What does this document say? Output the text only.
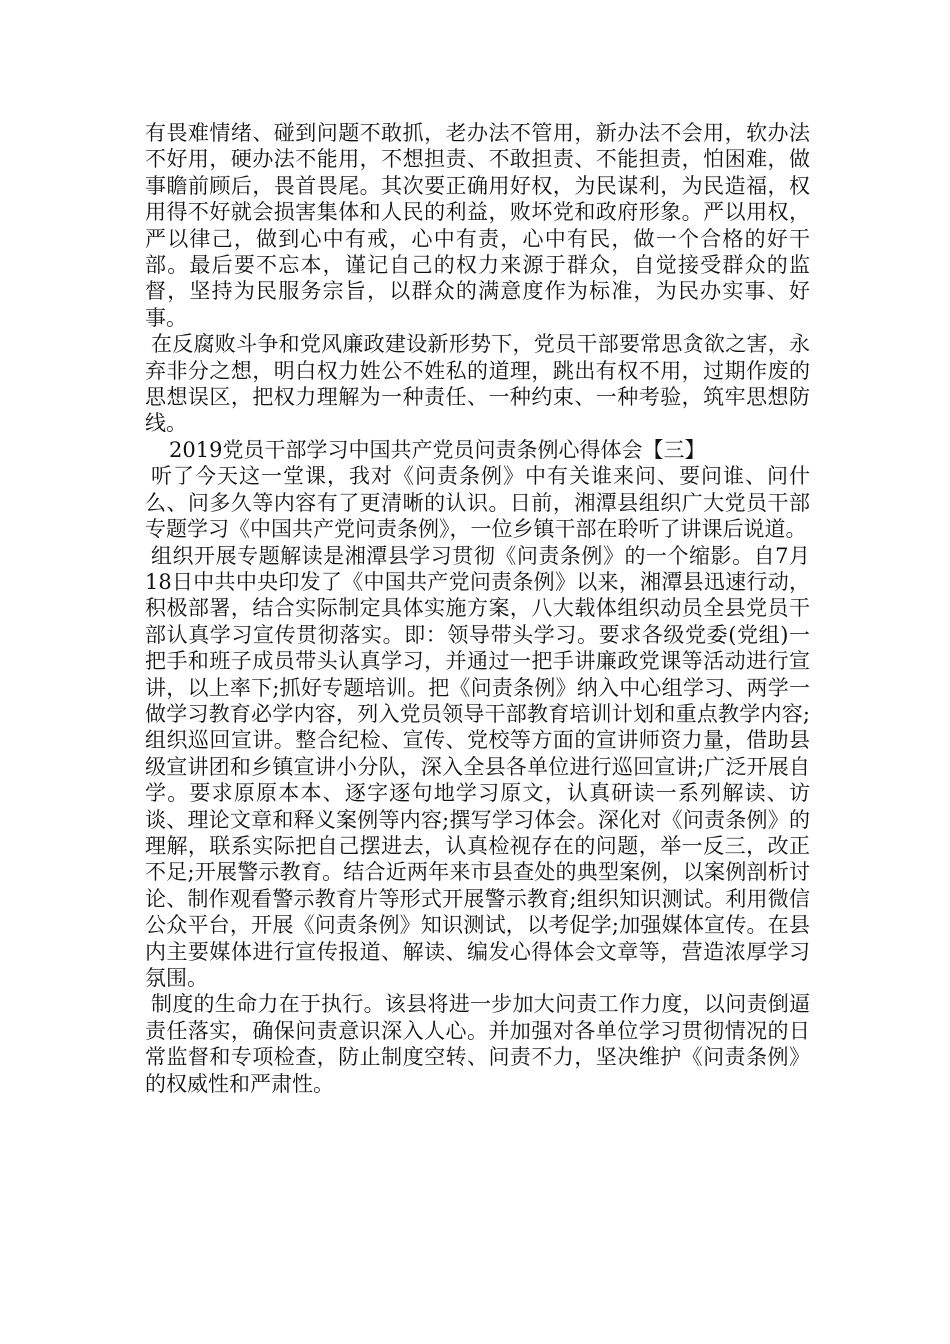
有畏难情绪、碰到问题不敢抓，老办法不管用，新办法不会用，软办法不好用，硬办法不能用，不想担责、不敢担责、不能担责，怕困难，做事瞻前顾后，畏首畏尾。其次要正确用好权，为民谋利，为民造福，权用得不好就会损害集体和人民的利益，败坏党和政府形象。严以用权，严以律己，做到心中有戒，心中有责，心中有民，做一个合格的好干部。最后要不忘本，谨记自己的权力来源于群众，自觉接受群众的监督，坚持为民服务宗旨，以群众的满意度作为标准，为民办实事、好事。

在反腐败斗争和党风廉政建设新形势下，党员干部要常思贪欲之害，永弃非分之想，明白权力姓公不姓私的道理，跳出有权不用，过期作废的思想误区，把权力理解为一种责任、一种约束、一种考验，筑牢思想防线。

2019党员干部学习中国共产党员问责条例心得体会【三】

听了今天这一堂课，我对《问责条例》中有关谁来问、要问谁、问什么、问多久等内容有了更清晰的认识。日前，湘潭县组织广大党员干部专题学习《中国共产党问责条例》，一位乡镇干部在聆听了讲课后说道。

组织开展专题解读是湘潭县学习贯彻《问责条例》的一个缩影。自7月18日中共中央印发了《中国共产党问责条例》以来，湘潭县迅速行动，积极部署，结合实际制定具体实施方案，八大载体组织动员全县党员干部认真学习宣传贯彻落实。即：领导带头学习。要求各级党委(党组)一把手和班子成员带头认真学习，并通过一把手讲廉政党课等活动进行宣讲，以上率下;抓好专题培训。把《问责条例》纳入中心组学习、两学一做学习教育必学内容，列入党员领导干部教育培训计划和重点教学内容;组织巡回宣讲。整合纪检、宣传、党校等方面的宣讲师资力量，借助县级宣讲团和乡镇宣讲小分队，深入全县各单位进行巡回宣讲;广泛开展自学。要求原原本本、逐字逐句地学习原文，认真研读一系列解读、访谈、理论文章和释义案例等内容;撰写学习体会。深化对《问责条例》的理解，联系实际把自己摆进去，认真检视存在的问题，举一反三，改正不足;开展警示教育。结合近两年来市县查处的典型案例，以案例剖析讨论、制作观看警示教育片等形式开展警示教育;组织知识测试。利用微信公众平台，开展《问责条例》知识测试，以考促学;加强媒体宣传。在县内主要媒体进行宣传报道、解读、编发心得体会文章等，营造浓厚学习氛围。

制度的生命力在于执行。该县将进一步加大问责工作力度，以问责倒逼责任落实，确保问责意识深入人心。并加强对各单位学习贯彻情况的日常监督和专项检查，防止制度空转、问责不力，坚决维护《问责条例》的权威性和严肃性。
